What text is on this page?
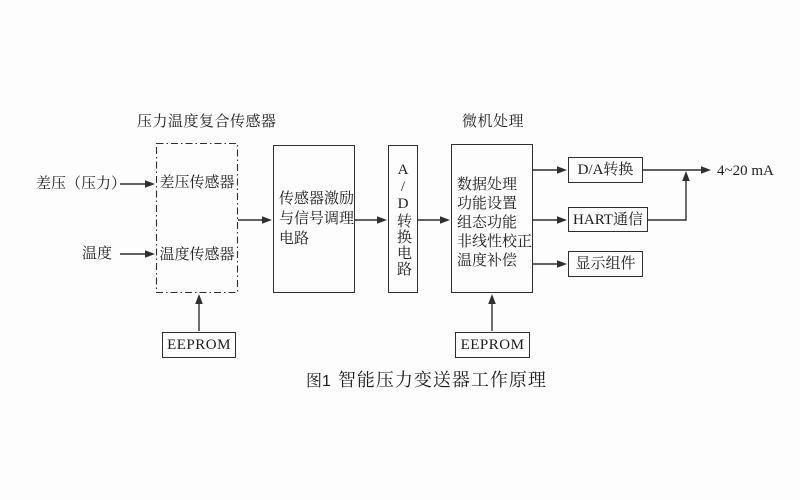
压力温度复合传感器	微机处理
差压（压力）
温度
差压传感器
温度传感器
传感器激励
与信号调理
电路	A/D转换电路	数据处理
功能设置
组态功能
非线性校正
温度补偿
D/A转换
HART通信
显示组件
EEPROM	EEPROM
4~20 mA
图1 智能压力变送器工作原理
